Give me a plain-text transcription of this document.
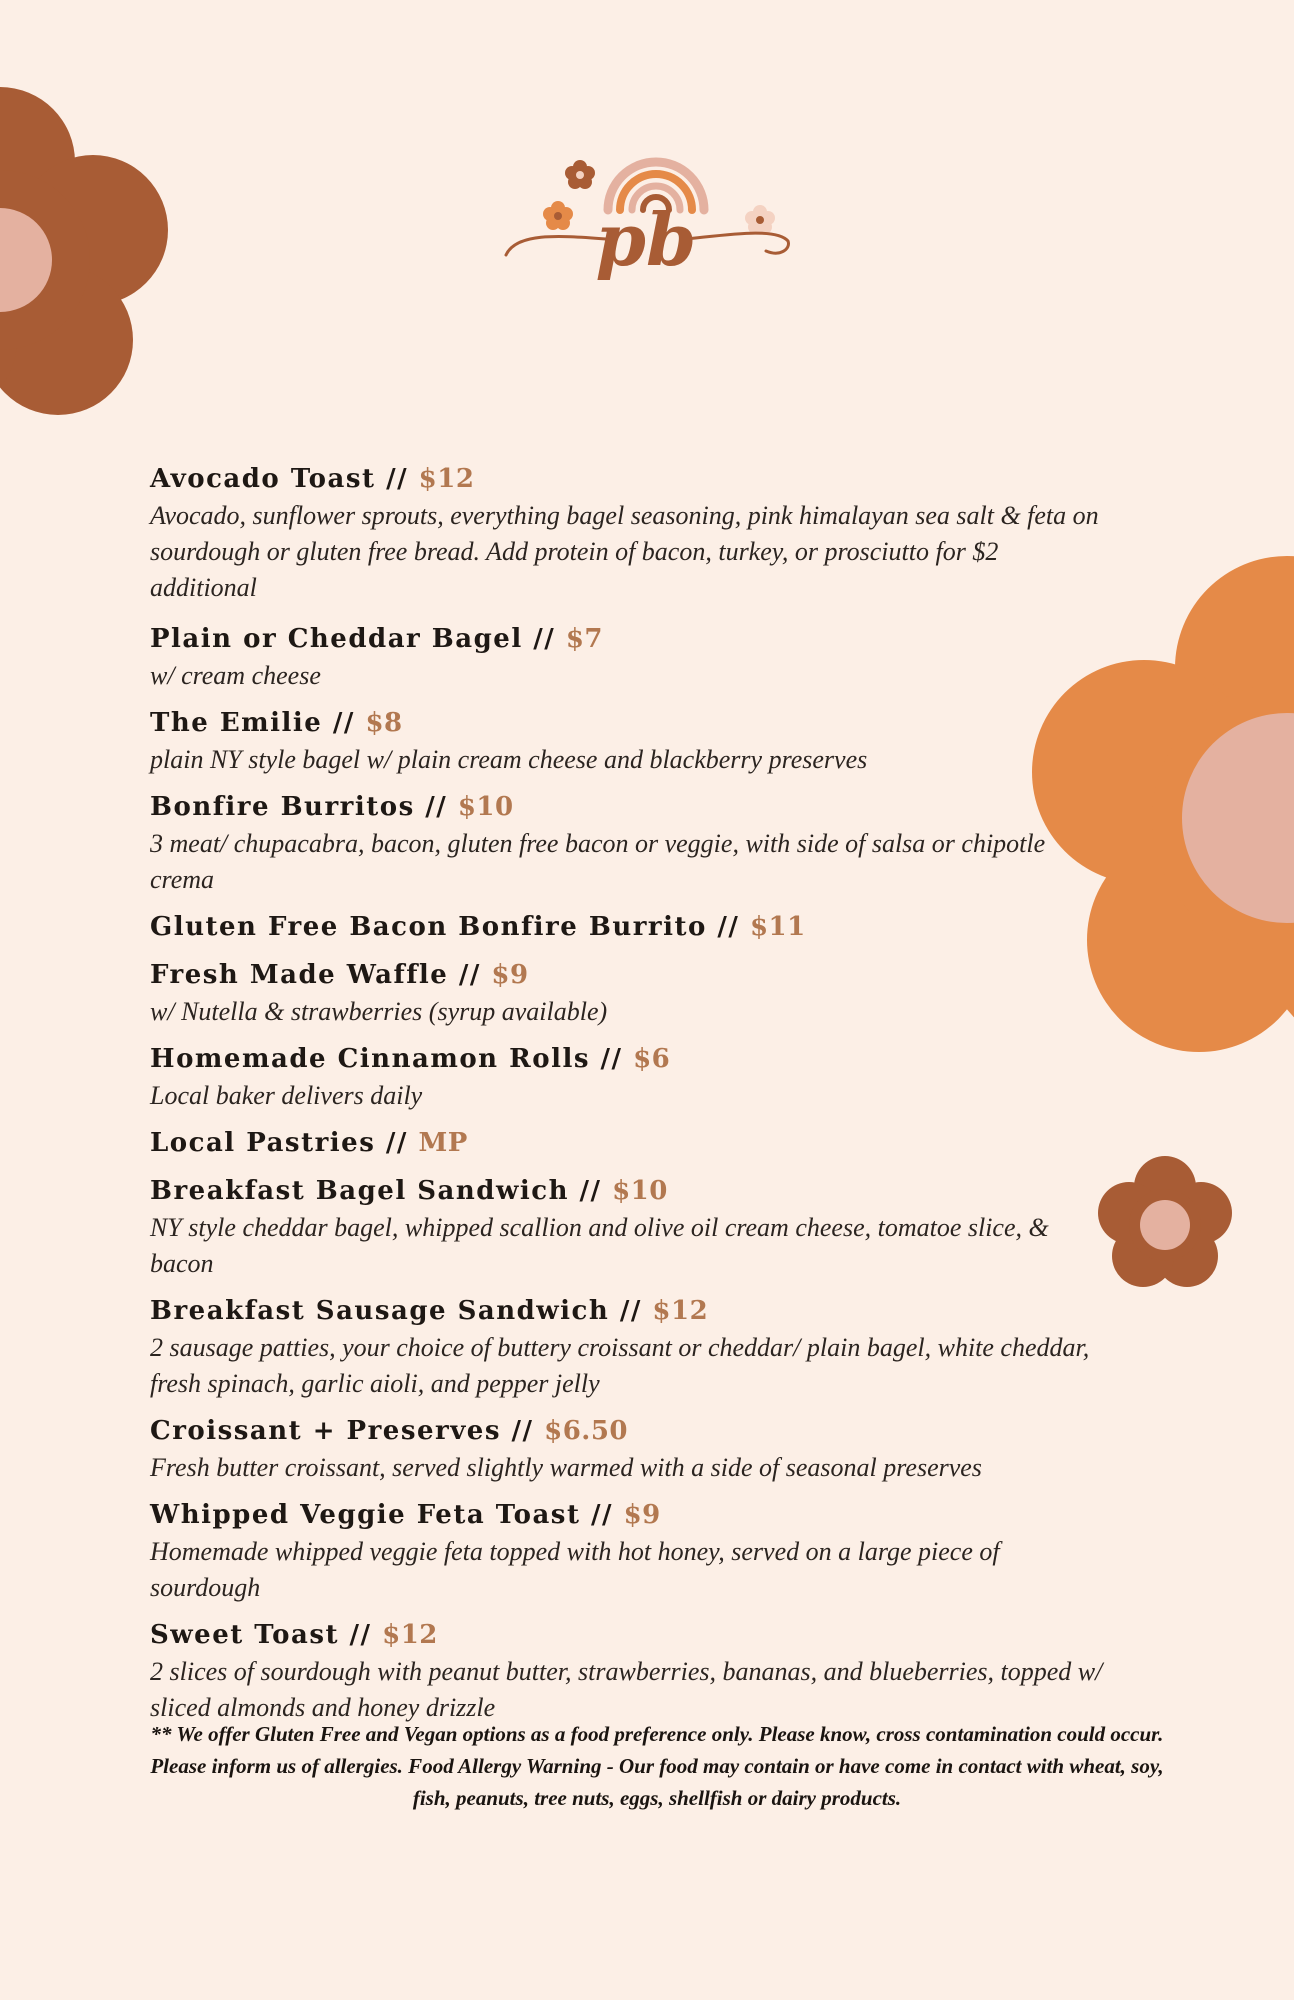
pb
Avocado Toast // $12
Avocado, sunflower sprouts, everything bagel seasoning, pink himalayan sea salt & feta on sourdough or gluten free bread. Add protein of bacon, turkey, or prosciutto for $2 additional
Plain or Cheddar Bagel // $7
w/ cream cheese
The Emilie // $8
plain NY style bagel w/ plain cream cheese and blackberry preserves
Bonfire Burritos // $10
3 meat/ chupacabra, bacon, gluten free bacon or veggie, with side of salsa or chipotle crema
Gluten Free Bacon Bonfire Burrito // $11
Fresh Made Waffle // $9
w/ Nutella & strawberries (syrup available)
Homemade Cinnamon Rolls // $6
Local baker delivers daily
Local Pastries // MP
Breakfast Bagel Sandwich // $10
NY style cheddar bagel, whipped scallion and olive oil cream cheese, tomatoe slice, & bacon
Breakfast Sausage Sandwich // $12
2 sausage patties, your choice of buttery croissant or cheddar/ plain bagel, white cheddar, fresh spinach, garlic aioli, and pepper jelly
Croissant + Preserves // $6.50
Fresh butter croissant, served slightly warmed with a side of seasonal preserves
Whipped Veggie Feta Toast // $9
Homemade whipped veggie feta topped with hot honey, served on a large piece of sourdough
Sweet Toast // $12
2 slices of sourdough with peanut butter, strawberries, bananas, and blueberries, topped w/ sliced almonds and honey drizzle
** We offer Gluten Free and Vegan options as a food preference only. Please know, cross contamination could occur. Please inform us of allergies. Food Allergy Warning - Our food may contain or have come in contact with wheat, soy, fish, peanuts, tree nuts, eggs, shellfish or dairy products.
